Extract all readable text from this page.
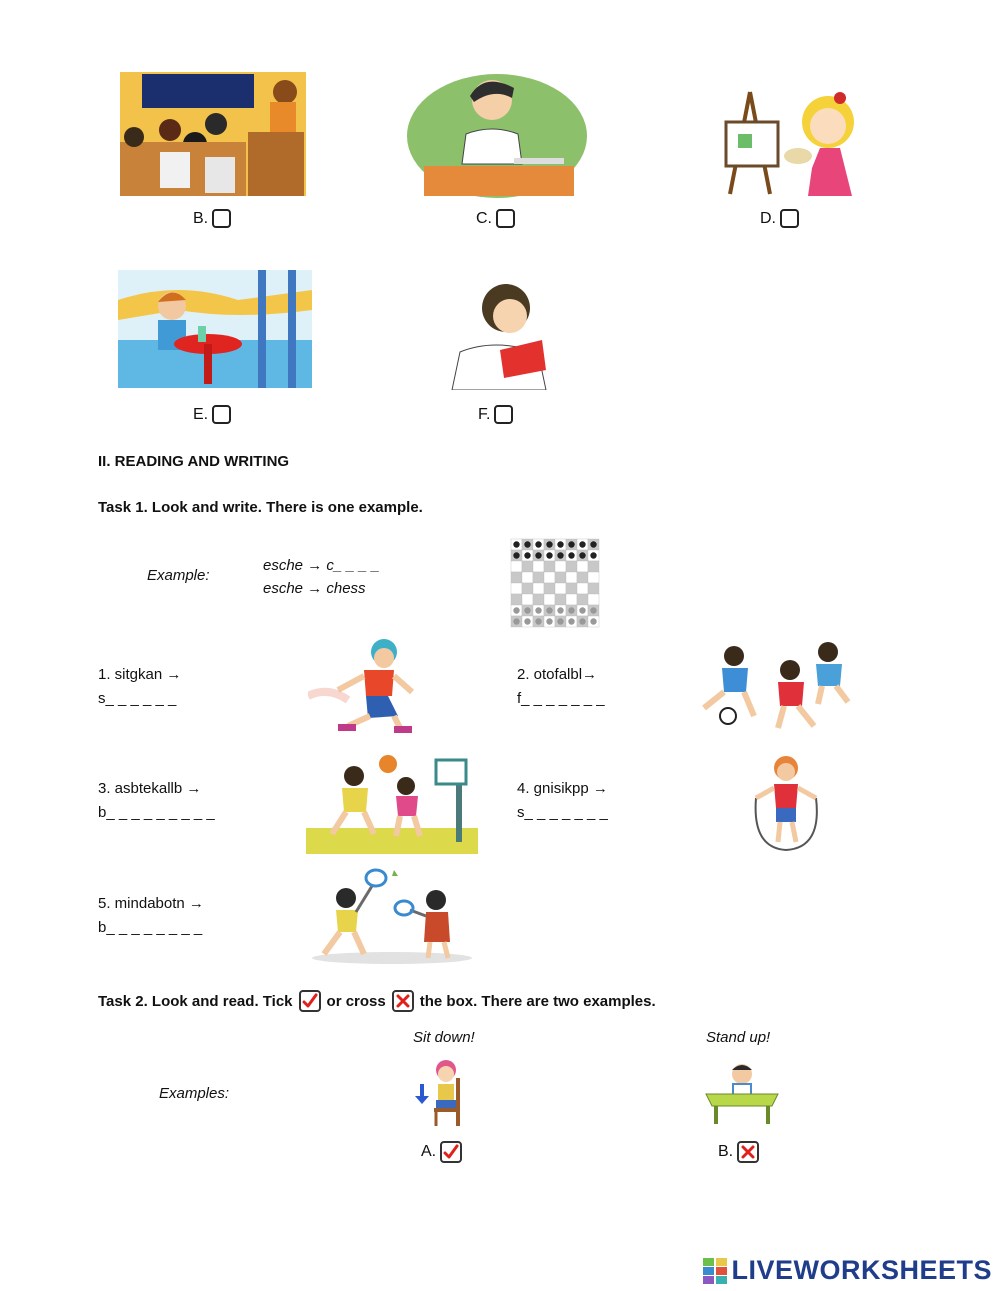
B.	C.	D.
E.	F.
II. READING AND WRITING
Task 1. Look and write. There is one example.
Example:
esche → c_ _ _ _
esche → chess
1. sitgkan →
s_ _ _ _ _ _
2. otofalbl→
f_ _ _ _ _ _ _
3. asbtekallb →
b_ _ _ _ _ _ _ _ _
4. gnisikpp →
s_ _ _ _ _ _ _
5. mindabotn →
b_ _ _ _ _ _ _ _
Task 2. Look and read. Tick or cross the box. There are two examples.
Sit down!	Stand up!
Examples:
A.	B.
LIVEWORKSHEETS
